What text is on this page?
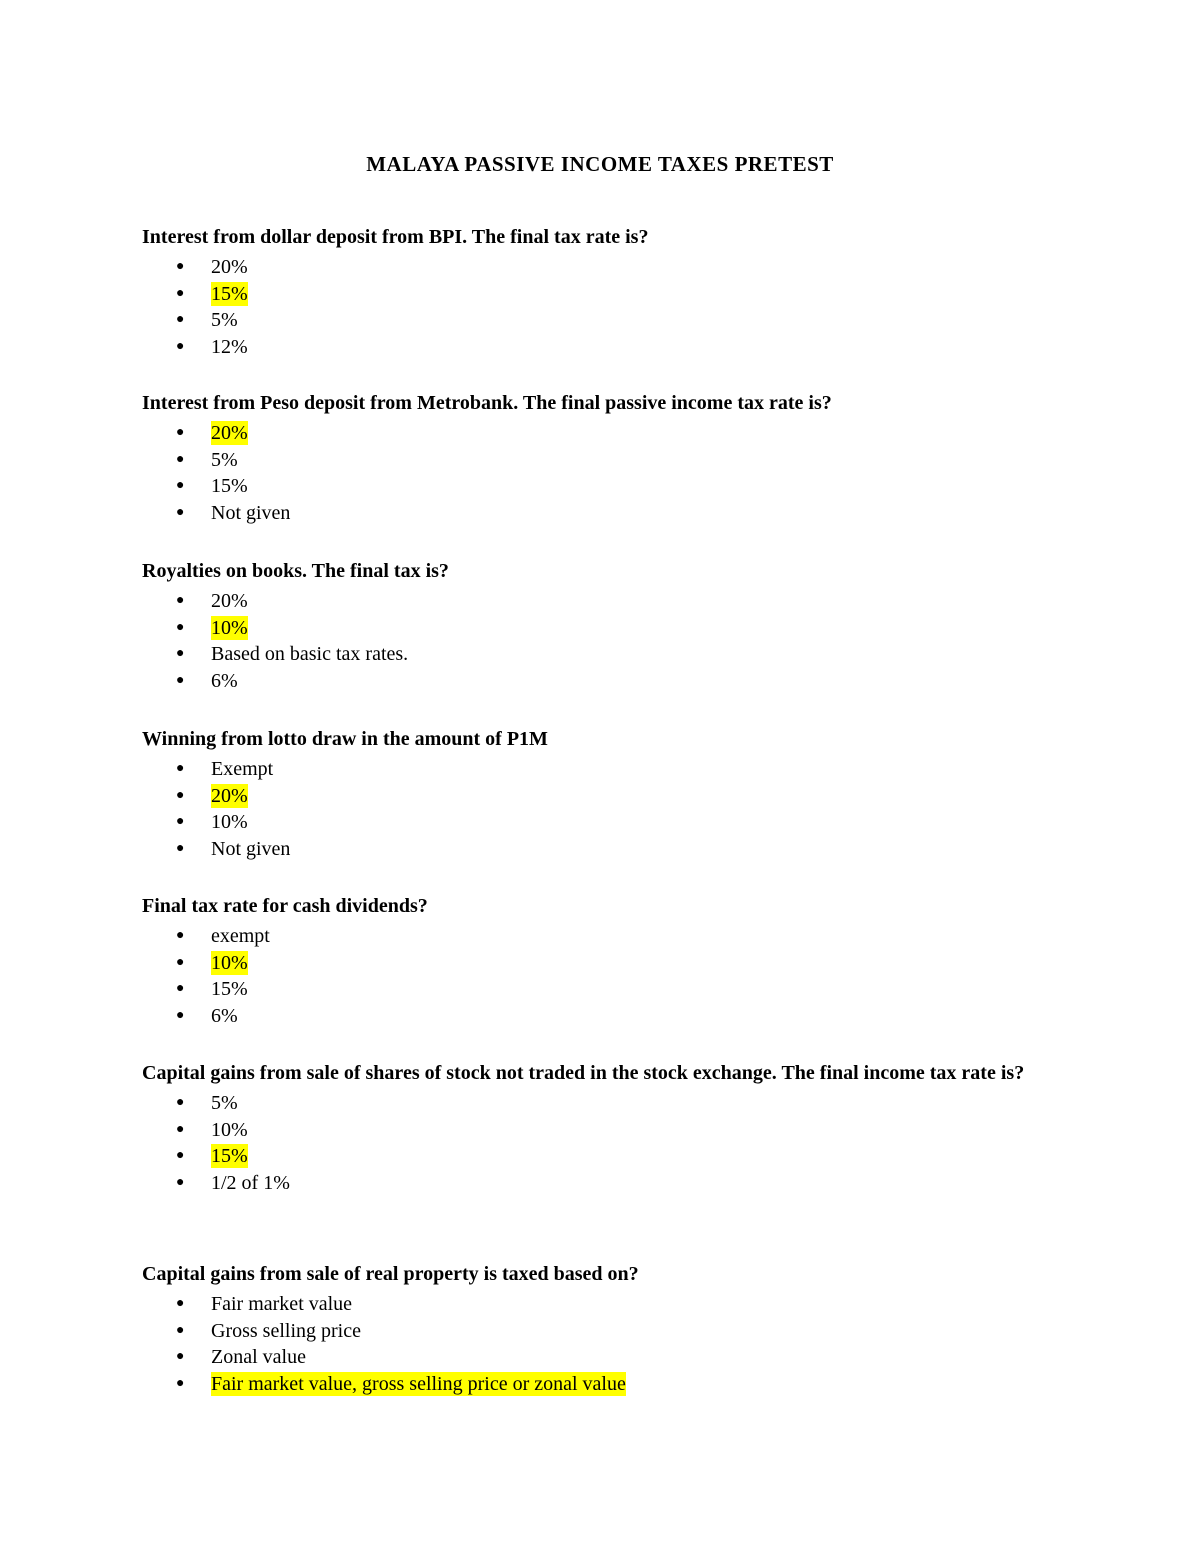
MALAYA PASSIVE INCOME TAXES PRETEST

Interest from dollar deposit from BPI. The final tax rate is?

●	20%
●	15%
●	5%
●	12%

Interest from Peso deposit from Metrobank. The final passive income tax rate is?

●	20%
●	5%
●	15%
●	Not given

Royalties on books. The final tax is?

●	20%
●	10%
●	Based on basic tax rates.
●	6%

Winning from lotto draw in the amount of P1M

●	Exempt
●	20%
●	10%
●	Not given

Final tax rate for cash dividends?

●	exempt
●	10%
●	15%
●	6%

Capital gains from sale of shares of stock not traded in the stock exchange. The final income tax rate is?

●	5%
●	10%
●	15%
●	1/2 of 1%

Capital gains from sale of real property is taxed based on?

●	Fair market value
●	Gross selling price
●	Zonal value
●	Fair market value, gross selling price or zonal value
